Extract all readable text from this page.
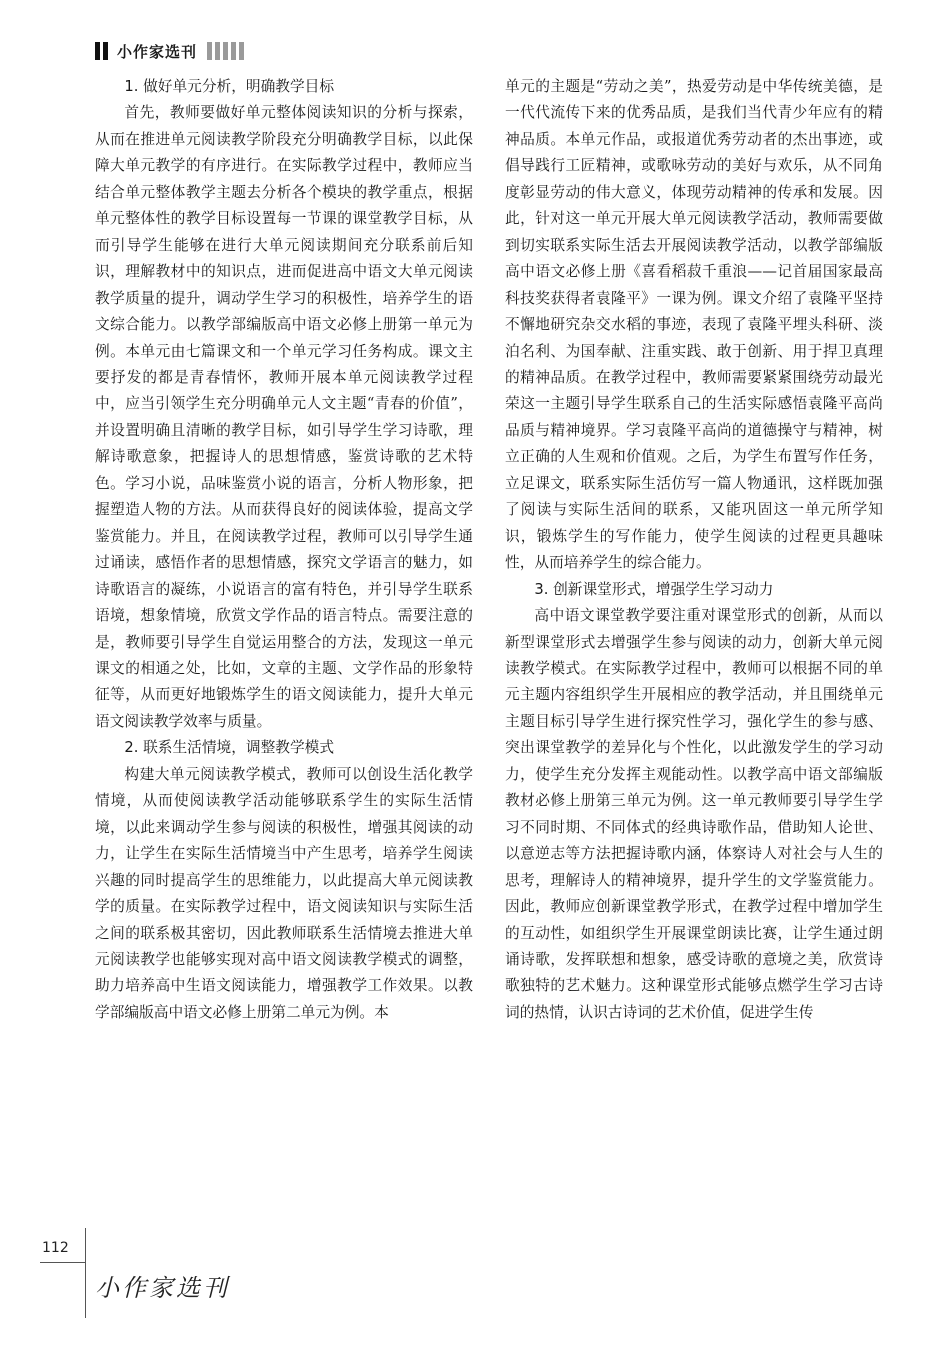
小作家选刊
1. 做好单元分析，明确教学目标

首先，教师要做好单元整体阅读知识的分析与探索，从而在推进单元阅读教学阶段充分明确教学目标，以此保障大单元教学的有序进行。在实际教学过程中，教师应当结合单元整体教学主题去分析各个模块的教学重点，根据单元整体性的教学目标设置每一节课的课堂教学目标，从而引导学生能够在进行大单元阅读期间充分联系前后知识，理解教材中的知识点，进而促进高中语文大单元阅读教学质量的提升，调动学生学习的积极性，培养学生的语文综合能力。以教学部编版高中语文必修上册第一单元为例。本单元由七篇课文和一个单元学习任务构成。课文主要抒发的都是青春情怀，教师开展本单元阅读教学过程中，应当引领学生充分明确单元人文主题“青春的价值”，并设置明确且清晰的教学目标，如引导学生学习诗歌，理解诗歌意象，把握诗人的思想情感，鉴赏诗歌的艺术特色。学习小说，品味鉴赏小说的语言，分析人物形象，把握塑造人物的方法。从而获得良好的阅读体验，提高文学鉴赏能力。并且，在阅读教学过程，教师可以引导学生通过诵读，感悟作者的思想情感，探究文学语言的魅力，如诗歌语言的凝练，小说语言的富有特色，并引导学生联系语境，想象情境，欣赏文学作品的语言特点。需要注意的是，教师要引导学生自觉运用整合的方法，发现这一单元课文的相通之处，比如，文章的主题、文学作品的形象特征等，从而更好地锻炼学生的语文阅读能力，提升大单元语文阅读教学效率与质量。

2. 联系生活情境，调整教学模式

构建大单元阅读教学模式，教师可以创设生活化教学情境，从而使阅读教学活动能够联系学生的实际生活情境，以此来调动学生参与阅读的积极性，增强其阅读的动力，让学生在实际生活情境当中产生思考，培养学生阅读兴趣的同时提高学生的思维能力，以此提高大单元阅读教学的质量。在实际教学过程中，语文阅读知识与实际生活之间的联系极其密切，因此教师联系生活情境去推进大单元阅读教学也能够实现对高中语文阅读教学模式的调整，助力培养高中生语文阅读能力，增强教学工作效果。以教学部编版高中语文必修上册第二单元为例。本

单元的主题是“劳动之美”，热爱劳动是中华传统美德，是一代代流传下来的优秀品质，是我们当代青少年应有的精神品质。本单元作品，或报道优秀劳动者的杰出事迹，或倡导践行工匠精神，或歌咏劳动的美好与欢乐，从不同角度彰显劳动的伟大意义，体现劳动精神的传承和发展。因此，针对这一单元开展大单元阅读教学活动，教师需要做到切实联系实际生活去开展阅读教学活动，以教学部编版高中语文必修上册《喜看稻菽千重浪——记首届国家最高科技奖获得者袁隆平》一课为例。课文介绍了袁隆平坚持不懈地研究杂交水稻的事迹，表现了袁隆平埋头科研、淡泊名利、为国奉献、注重实践、敢于创新、用于捍卫真理的精神品质。在教学过程中，教师需要紧紧围绕劳动最光荣这一主题引导学生联系自己的生活实际感悟袁隆平高尚品质与精神境界。学习袁隆平高尚的道德操守与精神，树立正确的人生观和价值观。之后，为学生布置写作任务，立足课文，联系实际生活仿写一篇人物通讯，这样既加强了阅读与实际生活间的联系，又能巩固这一单元所学知识，锻炼学生的写作能力，使学生阅读的过程更具趣味性，从而培养学生的综合能力。

3. 创新课堂形式，增强学生学习动力

高中语文课堂教学要注重对课堂形式的创新，从而以新型课堂形式去增强学生参与阅读的动力，创新大单元阅读教学模式。在实际教学过程中，教师可以根据不同的单元主题内容组织学生开展相应的教学活动，并且围绕单元主题目标引导学生进行探究性学习，强化学生的参与感、突出课堂教学的差异化与个性化，以此激发学生的学习动力，使学生充分发挥主观能动性。以教学高中语文部编版教材必修上册第三单元为例。这一单元教师要引导学生学习不同时期、不同体式的经典诗歌作品，借助知人论世、以意逆志等方法把握诗歌内涵，体察诗人对社会与人生的思考，理解诗人的精神境界，提升学生的文学鉴赏能力。因此，教师应创新课堂教学形式，在教学过程中增加学生的互动性，如组织学生开展课堂朗读比赛，让学生通过朗诵诗歌，发挥联想和想象，感受诗歌的意境之美，欣赏诗歌独特的艺术魅力。这种课堂形式能够点燃学生学习古诗词的热情，认识古诗词的艺术价值，促进学生传

112
小作家选刊
